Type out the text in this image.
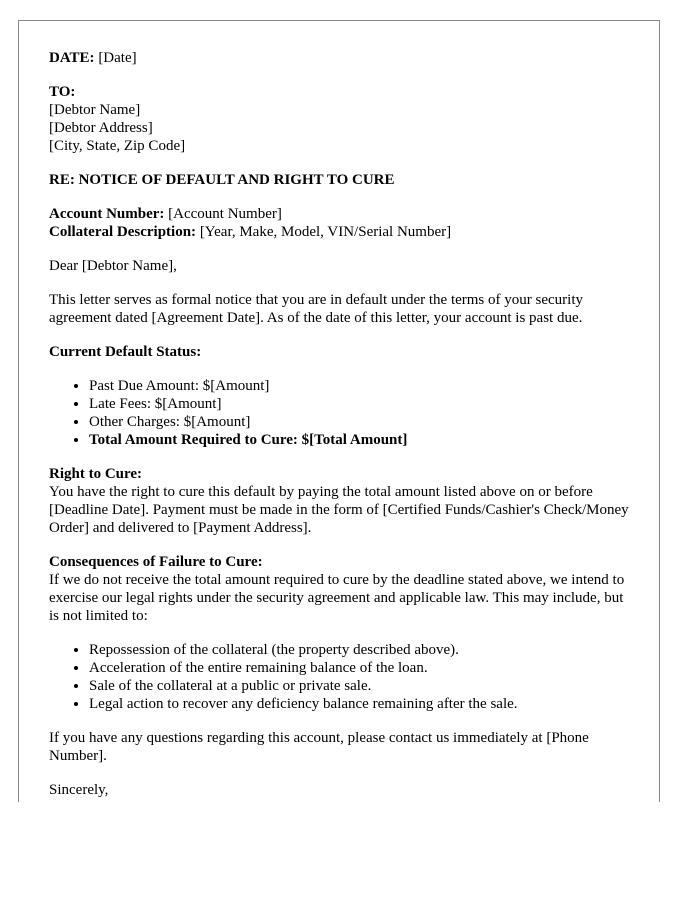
DATE: [Date]
TO:
[Debtor Name]
[Debtor Address]
[City, State, Zip Code]
RE: NOTICE OF DEFAULT AND RIGHT TO CURE
Account Number: [Account Number]
Collateral Description: [Year, Make, Model, VIN/Serial Number]

Dear [Debtor Name],

This letter serves as formal notice that you are in default under the terms of your security agreement dated [Agreement Date]. As of the date of this letter, your account is past due.

Current Default Status:

• Past Due Amount: $[Amount]
• Late Fees: $[Amount]
• Other Charges: $[Amount]
• Total Amount Required to Cure: $[Total Amount]
Right to Cure:
You have the right to cure this default by paying the total amount listed above on or before [Deadline Date]. Payment must be made in the form of [Certified Funds/Cashier's Check/Money Order] and delivered to [Payment Address].
Consequences of Failure to Cure:
If we do not receive the total amount required to cure by the deadline stated above, we intend to exercise our legal rights under the security agreement and applicable law. This may include, but is not limited to:
• Repossession of the collateral (the property described above).
• Acceleration of the entire remaining balance of the loan.
• Sale of the collateral at a public or private sale.
• Legal action to recover any deficiency balance remaining after the sale.

If you have any questions regarding this account, please contact us immediately at [Phone Number].

Sincerely,
